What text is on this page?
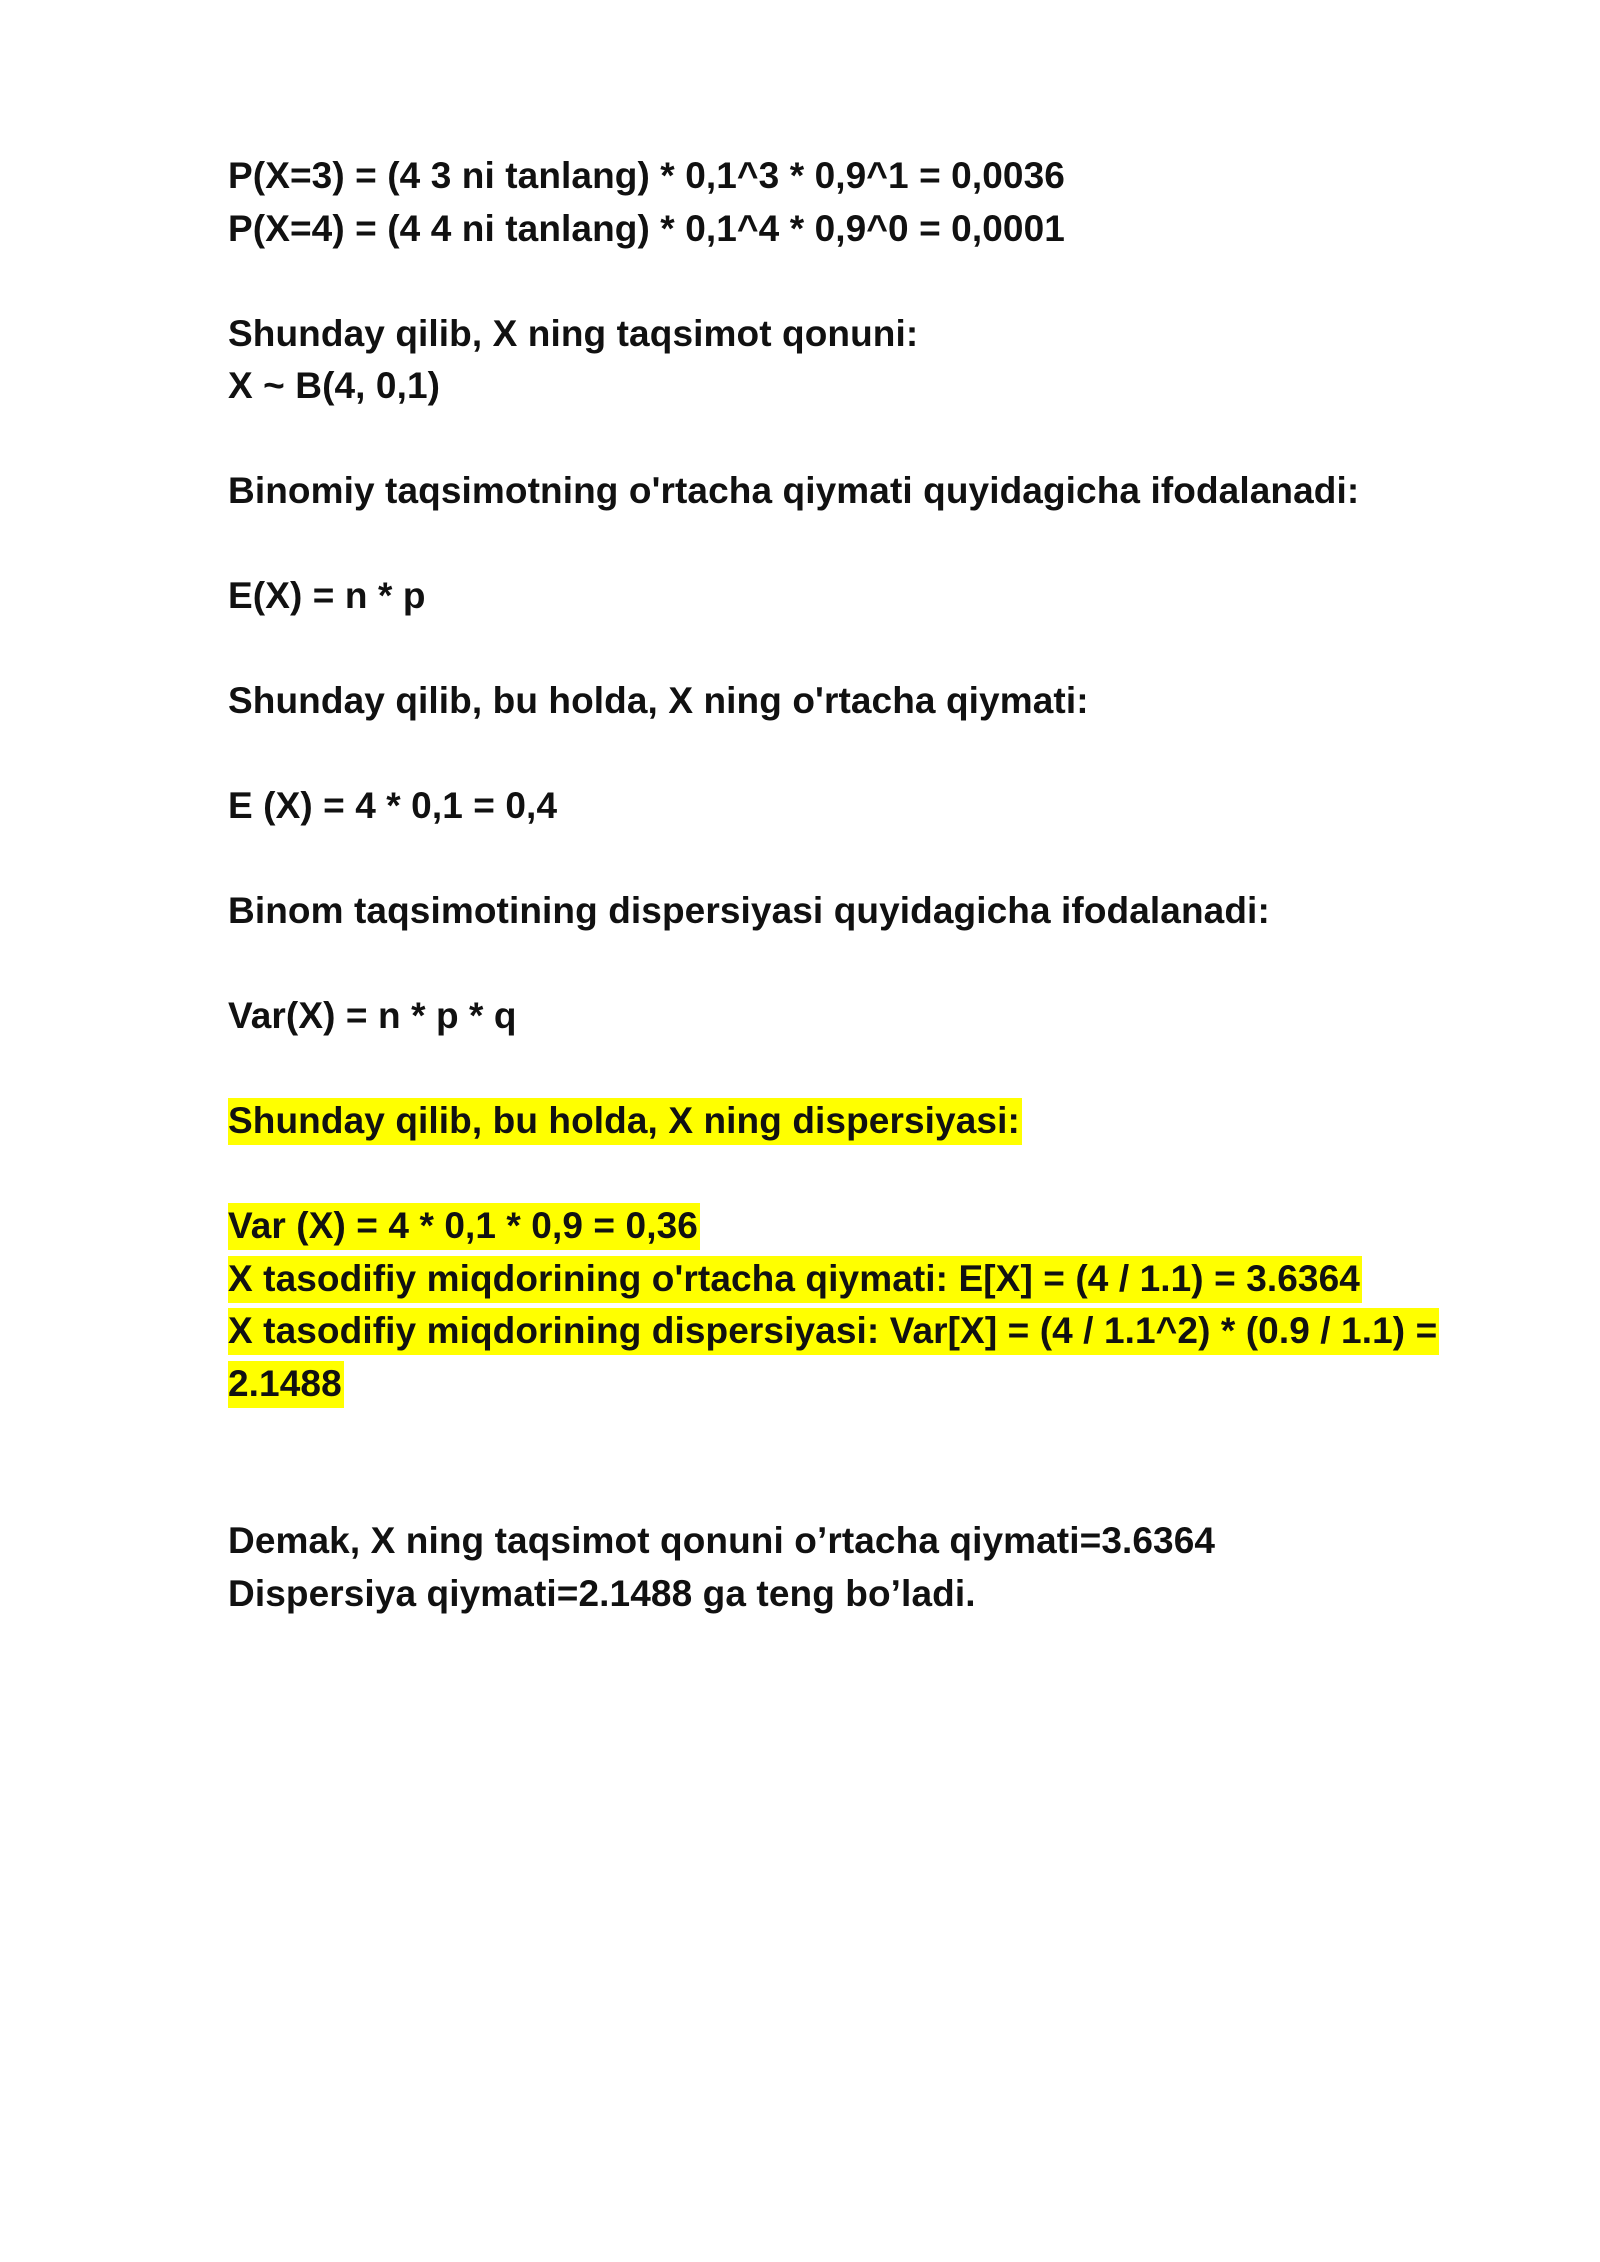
P(X=3) = (4 3 ni tanlang) * 0,1^3 * 0,9^1 = 0,0036
P(X=4) = (4 4 ni tanlang) * 0,1^4 * 0,9^0 = 0,0001
Shunday qilib, X ning taqsimot qonuni:
X ~ B(4, 0,1)
Binomiy taqsimotning o'rtacha qiymati quyidagicha ifodalanadi:
E(X) = n * p
Shunday qilib, bu holda, X ning o'rtacha qiymati:
E (X) = 4 * 0,1 = 0,4
Binom taqsimotining dispersiyasi quyidagicha ifodalanadi:
Var(X) = n * p * q
Shunday qilib, bu holda, X ning dispersiyasi:
Var (X) = 4 * 0,1 * 0,9 = 0,36
X tasodifiy miqdorining o'rtacha qiymati: E[X] = (4 / 1.1) = 3.6364
X tasodifiy miqdorining dispersiyasi: Var[X] = (4 / 1.1^2) * (0.9 / 1.1) = 2.1488
Demak, X ning taqsimot qonuni o’rtacha qiymati=3.6364
Dispersiya qiymati=2.1488 ga teng bo’ladi.
